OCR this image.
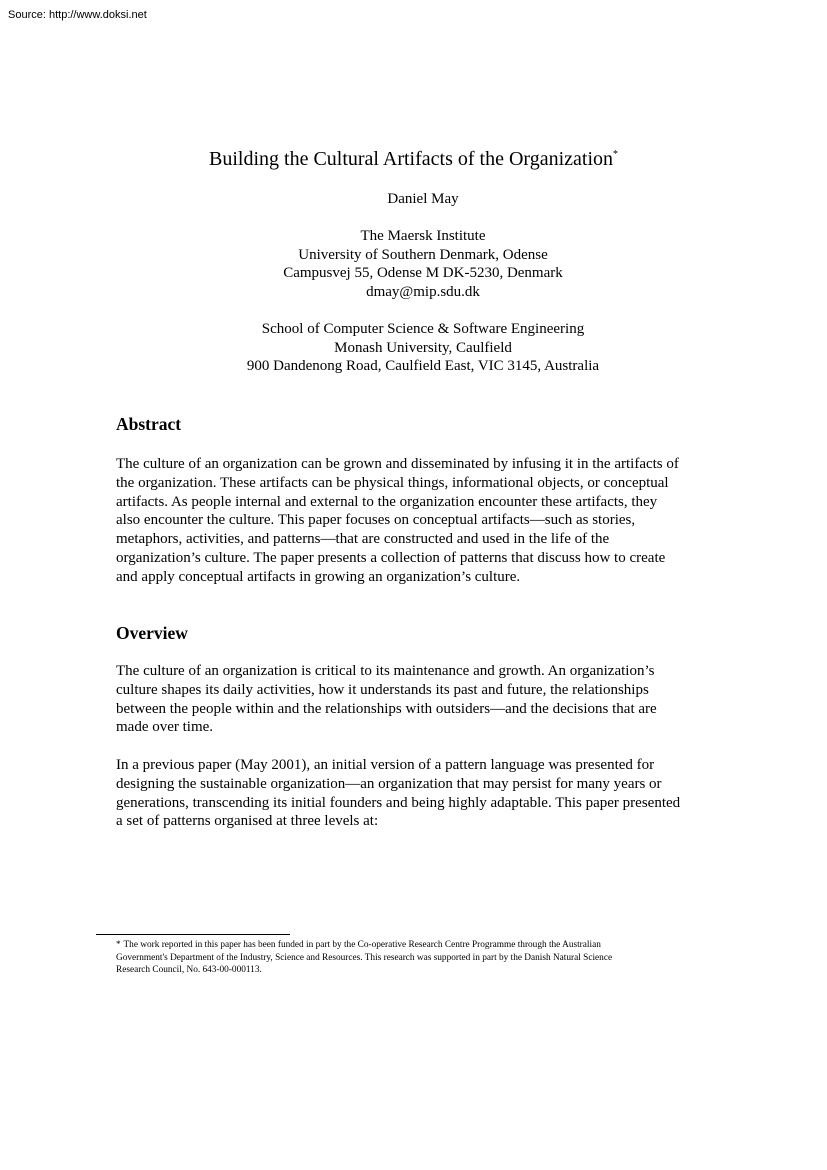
Source: http://www.doksi.net
Building the Cultural Artifacts of the Organization*
Daniel May
The Maersk Institute
University of Southern Denmark, Odense
Campusvej 55, Odense M DK-5230, Denmark
dmay@mip.sdu.dk
School of Computer Science & Software Engineering
Monash University, Caulfield
900 Dandenong Road, Caulfield East, VIC 3145, Australia
Abstract
The culture of an organization can be grown and disseminated by infusing it in the artifacts of
the organization. These artifacts can be physical things, informational objects, or conceptual
artifacts. As people internal and external to the organization encounter these artifacts, they
also encounter the culture. This paper focuses on conceptual artifacts—such as stories,
metaphors, activities, and patterns—that are constructed and used in the life of the
organization’s culture. The paper presents a collection of patterns that discuss how to create
and apply conceptual artifacts in growing an organization’s culture.
Overview
The culture of an organization is critical to its maintenance and growth. An organization’s
culture shapes its daily activities, how it understands its past and future, the relationships
between the people within and the relationships with outsiders—and the decisions that are
made over time.
In a previous paper (May 2001), an initial version of a pattern language was presented for
designing the sustainable organization—an organization that may persist for many years or
generations, transcending its initial founders and being highly adaptable. This paper presented
a set of patterns organised at three levels at:
* The work reported in this paper has been funded in part by the Co-operative Research Centre Programme through the Australian
Government's Department of the Industry, Science and Resources. This research was supported in part by the Danish Natural Science
Research Council, No. 643-00-000113.
